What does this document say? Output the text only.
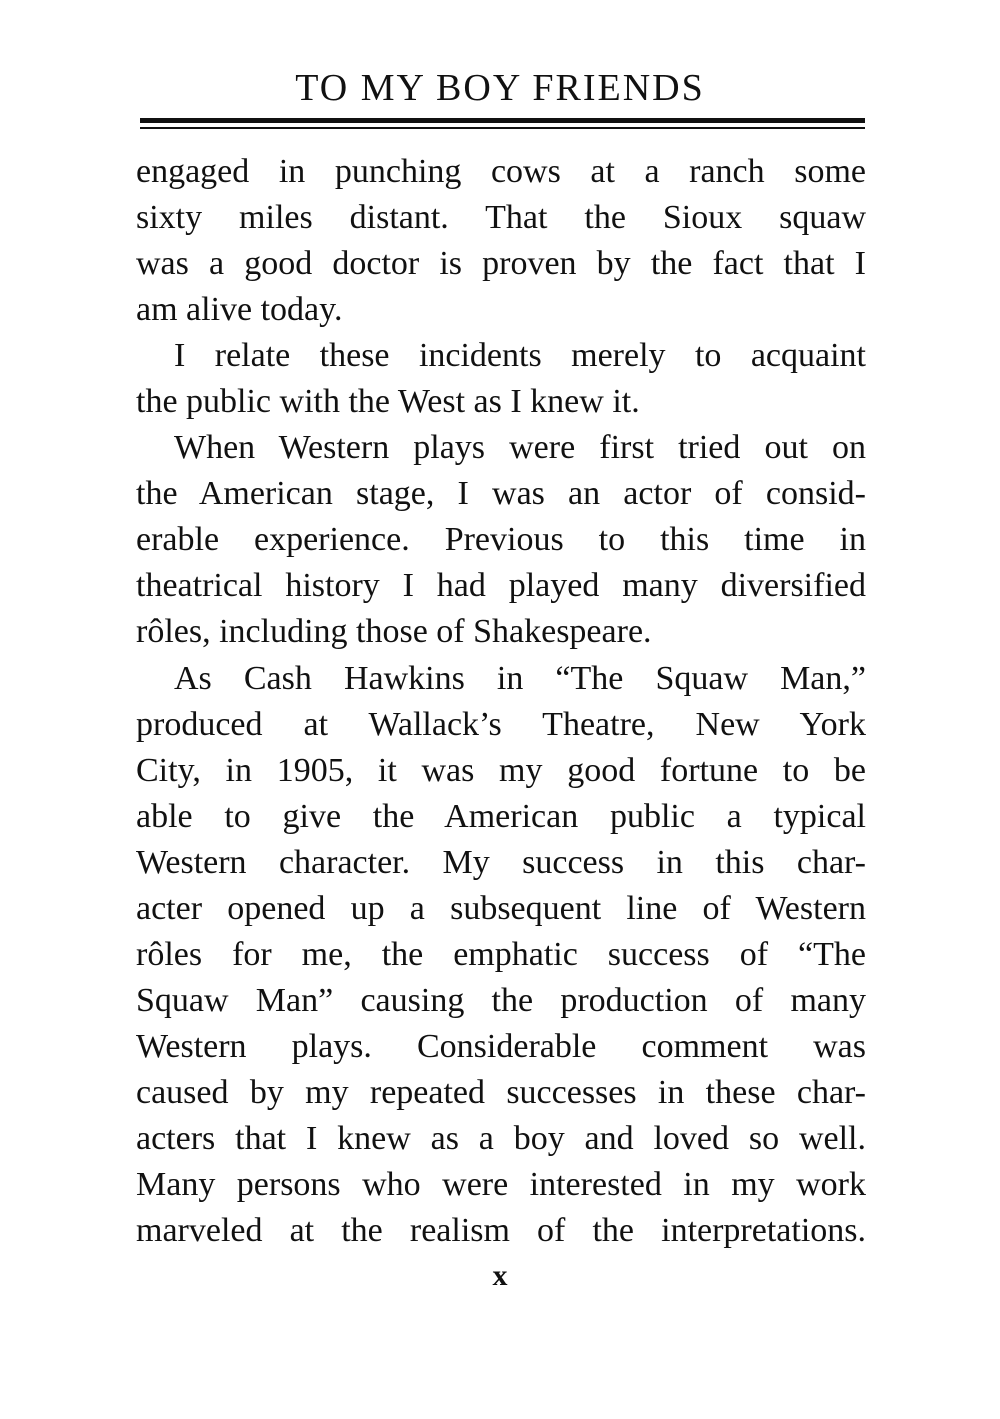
TO MY BOY FRIENDS
engaged in punching cows at a ranch some
sixty miles distant. That the Sioux squaw
was a good doctor is proven by the fact that I
am alive today.
I relate these incidents merely to acquaint
the public with the West as I knew it.
When Western plays were first tried out on
the American stage, I was an actor of consid-
erable experience. Previous to this time in
theatrical history I had played many diversified
rôles, including those of Shakespeare.
As Cash Hawkins in “The Squaw Man,”
produced at Wallack’s Theatre, New York
City, in 1905, it was my good fortune to be
able to give the American public a typical
Western character. My success in this char-
acter opened up a subsequent line of Western
rôles for me, the emphatic success of “The
Squaw Man” causing the production of many
Western plays. Considerable comment was
caused by my repeated successes in these char-
acters that I knew as a boy and loved so well.
Many persons who were interested in my work
marveled at the realism of the interpretations.
x
